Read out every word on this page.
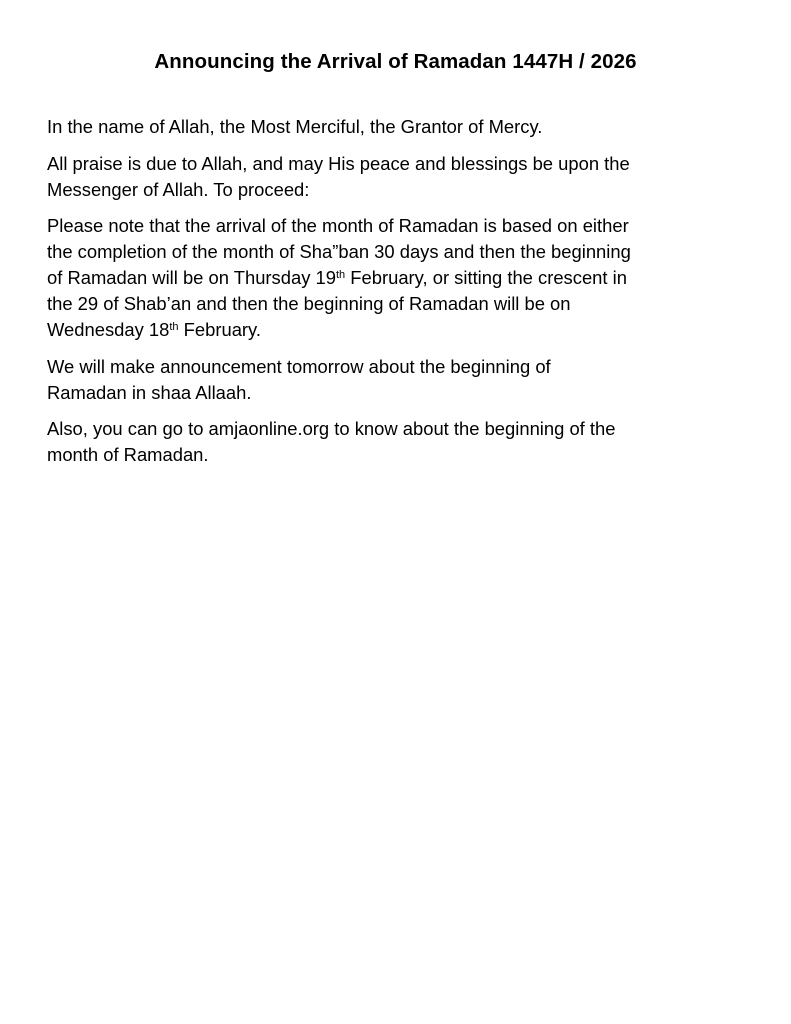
Announcing the Arrival of Ramadan 1447H / 2026

In the name of Allah, the Most Merciful, the Grantor of Mercy.

All praise is due to Allah, and may His peace and blessings be upon the
Messenger of Allah. To proceed:

Please note that the arrival of the month of Ramadan is based on either
the completion of the month of Sha”ban 30 days and then the beginning
of Ramadan will be on Thursday 19th February, or sitting the crescent in
the 29 of Shab’an and then the beginning of Ramadan will be on
Wednesday 18th February.

We will make announcement tomorrow about the beginning of
Ramadan in shaa Allaah.

Also, you can go to amjaonline.org to know about the beginning of the
month of Ramadan.
